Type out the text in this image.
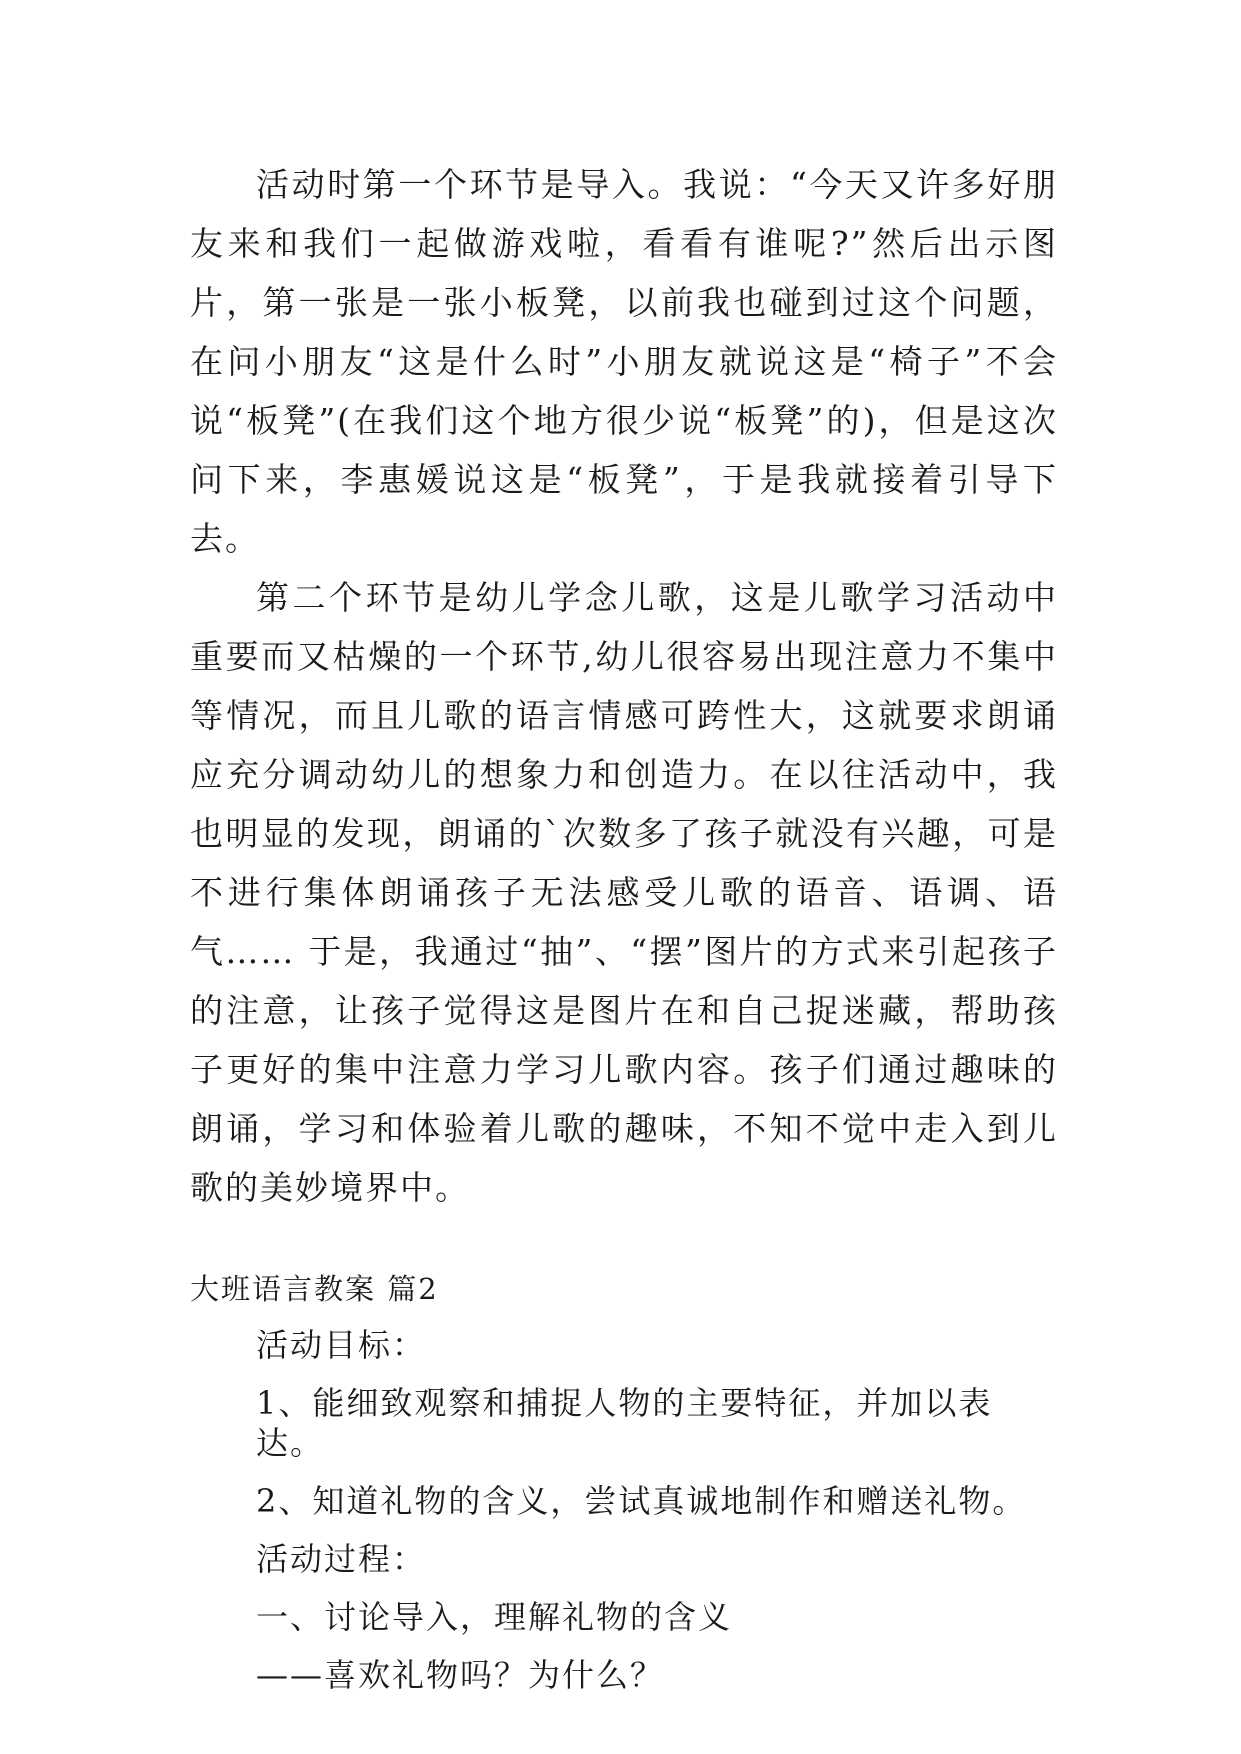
活动时第一个环节是导入。我说：“今天又许多好朋友来和我们一起做游戏啦，看看有谁呢?”然后出示图片，第一张是一张小板凳，以前我也碰到过这个问题，在问小朋友“这是什么时”小朋友就说这是“椅子”不会说“板凳”(在我们这个地方很少说“板凳”的)，但是这次问下来，李惠媛说这是“板凳”，于是我就接着引导下去。

第二个环节是幼儿学念儿歌，这是儿歌学习活动中重要而又枯燥的一个环节,幼儿很容易出现注意力不集中等情况，而且儿歌的语言情感可跨性大，这就要求朗诵应充分调动幼儿的想象力和创造力。在以往活动中，我也明显的发现，朗诵的`次数多了孩子就没有兴趣，可是不进行集体朗诵孩子无法感受儿歌的语音、语调、语气…… 于是，我通过“抽”、“摆”图片的方式来引起孩子的注意，让孩子觉得这是图片在和自己捉迷藏，帮助孩子更好的集中注意力学习儿歌内容。孩子们通过趣味的朗诵，学习和体验着儿歌的趣味，不知不觉中走入到儿歌的美妙境界中。

大班语言教案 篇2
活动目标：
1、能细致观察和捕捉人物的主要特征，并加以表达。
2、知道礼物的含义，尝试真诚地制作和赠送礼物。
活动过程：
一、讨论导入，理解礼物的含义
——喜欢礼物吗？为什么？
